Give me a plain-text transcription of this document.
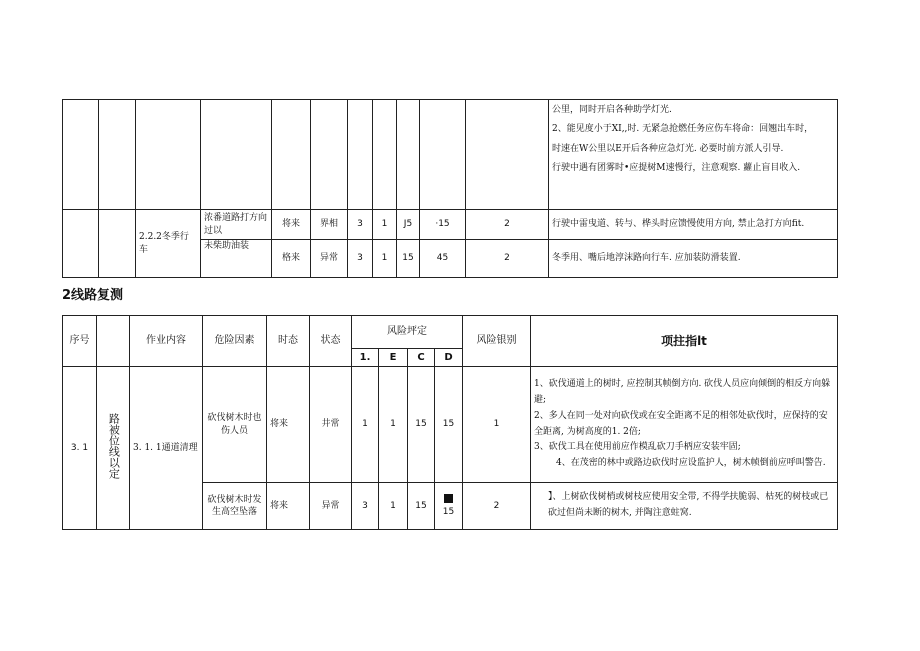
											公里，同时开启各种助学灯光.
2、能见度小于XI,,时. 无紧急抢燃任务应伤车将命：回翘出车时，
时速在W公里以E开后各种应急灯光. 必要时前方派人引导.
行驶中遇有团雾时•应提树M速慢行，注意观察. 蘿止盲目收入.

		2.2.2冬季行车	浓番道路打方向过以	将来	界相	3	1	J5	·15	2	行驶中雷曳道、转与、桦头时应馈慢使用方向, 禁止急打方向fit.
			未柴助油装	格来	异常	3	1	15	45	2	冬季用、嘴后地淳沫路向行车. 应加装防滑装置.
2线路复测
序号		作业内容	危险因素	时态	状态	风险坪定				风险银别	项拄指lt
						1.	E	C	D		
3. 1	路被位线以定	3. 1. 1通道清理	砍伐树木时也伤人员	将来	井常	1	1	15	15	1	1、砍伐通道上的树时, 应控制其帧倒方向. 砍伐人员应向倾倒的相反方向躲避;
2、多人在同一处对向砍伐或在安全距离不足的相邻处砍伐时，应保持的安全距离, 为树高度的1. 2倍;
3、砍伐工具在使用前应作模乱砍刀手柄应安装牢固;
4、在茂密的林中或路边砍伐时应设监护人，树木帧倒前应呼叫警告.

			砍伐树木时发生高空坠落	将来	异常	3	1	15	15	2	】、上树砍伐树梢或树枝应使用安全带, 不得学扶脆弱、枯死的树枝或已砍过但尚未断的树木, 并陶注意蛀窝.
